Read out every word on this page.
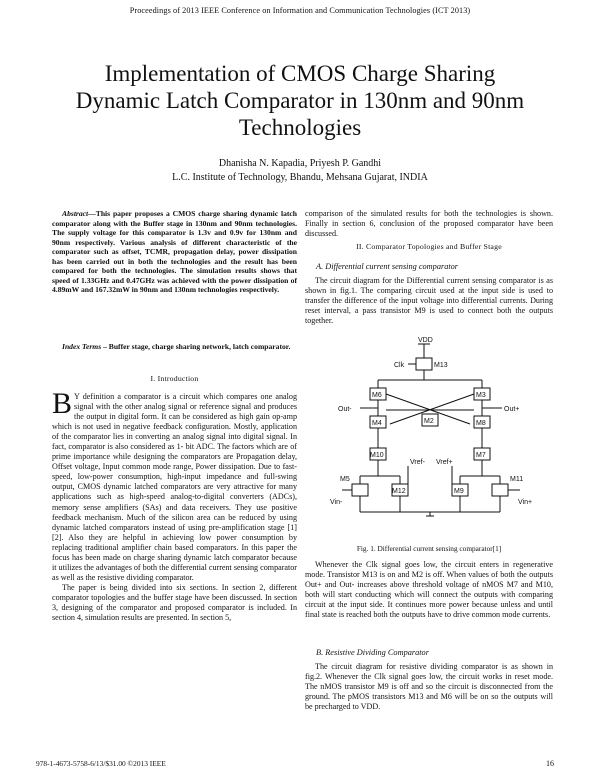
Proceedings of 2013 IEEE Conference on Information and Communication Technologies (ICT 2013)
Implementation of CMOS Charge Sharing
Dynamic Latch Comparator in 130nm and 90nm
Technologies
Dhanisha N. Kapadia, Priyesh P. Gandhi
L.C. Institute of Technology, Bhandu, Mehsana Gujarat, INDIA

Abstract—This paper proposes a CMOS charge sharing dynamic latch comparator along with the Buffer stage in 130nm and 90nm technologies. The supply voltage for this comparator is 1.3v and 0.9v for 130nm and 90nm respectively. Various analysis of different characteristic of the comparator such as offset, TCMR, propagation delay, power dissipation has been carried out in both the technologies and the result has been compared for both the technologies. The simulation results shows that speed of 1.33GHz and 0.47GHz was achieved with the power dissipation of 4.89mW and 167.32mW in 90nm and 130nm technologies respectively.

Index Terms – Buffer stage, charge sharing network, latch comparator.

I. Introduction

B Y definition a comparator is a circuit which compares one analog signal with the other analog signal or reference signal and produces the output in digital form. It can be considered as high gain op-amp which is not used in negative feedback configuration. Mostly, application of the comparator lies in converting an analog signal into digital signal. In fact, comparator is also considered as 1- bit ADC. The factors which are of prime importance while designing the comparators are Propagation delay, Offset voltage, Input common mode range, Power dissipation. Due to fast-speed, low-power consumption, high-input impedance and full-swing output, CMOS dynamic latched comparators are very attractive for many applications such as high-speed analog-to-digital converters (ADCs), memory sense amplifiers (SAs) and data receivers. They use positive feedback mechanism. Much of the silicon area can be reduced by using dynamic latched comparators instead of using pre-amplification stage [1] [2]. Also they are helpful in achieving low power consumption by replacing traditional amplifier chain based comparators. In this paper the focus has been made on charge sharing dynamic latch comparator because it utilizes the advantages of both the differential current sensing comparator as well as the resistive dividing comparator.

The paper is being divided into six sections. In section 2, different comparator topologies and the buffer stage have been discussed. In section 3, designing of the comparator and proposed comparator is included. In section 4, simulation results are presented. In section 5,

comparison of the simulated results for both the technologies is shown. Finally in section 6, conclusion of the proposed comparator have been discussed.

II. Comparator Topologies and Buffer Stage
A. Differential current sensing comparator

The circuit diagram for the Differential current sensing comparator is as shown in fig.1. The comparing circuit used at the input side is used to transfer the difference of the input voltage into differential currents. During reset interval, a pass transistor M9 is used to connect both the outputs together.

VDD
Clk	M13
M6	M3
Out-	Out+
M4	M2	M8
M10	M7
M5
M12	M9
M11
Vin-	Vin+
Vref- Vref+
Fig. 1. Differential current sensing comparator[1]

Whenever the Clk signal goes low, the circuit enters in regenerative mode. Transistor M13 is on and M2 is off. When values of both the outputs Out+ and Out- increases above threshold voltage of nMOS M7 and M10, both will start conducting which will connect the outputs with comparing circuit at the input side. It continues more power because unless and until final state is reached both the outputs have to drive common mode currents.

B. Resistive Dividing Comparator

The circuit diagram for resistive dividing comparator is as shown in fig.2. Whenever the Clk signal goes low, the circuit works in reset mode. The nMOS transistor M9 is off and so the circuit is disconnected from the ground. The pMOS transistors M13 and M6 will be on so the outputs will be precharged to VDD.

978-1-4673-5758-6/13/$31.00 ©2013 IEEE	16
